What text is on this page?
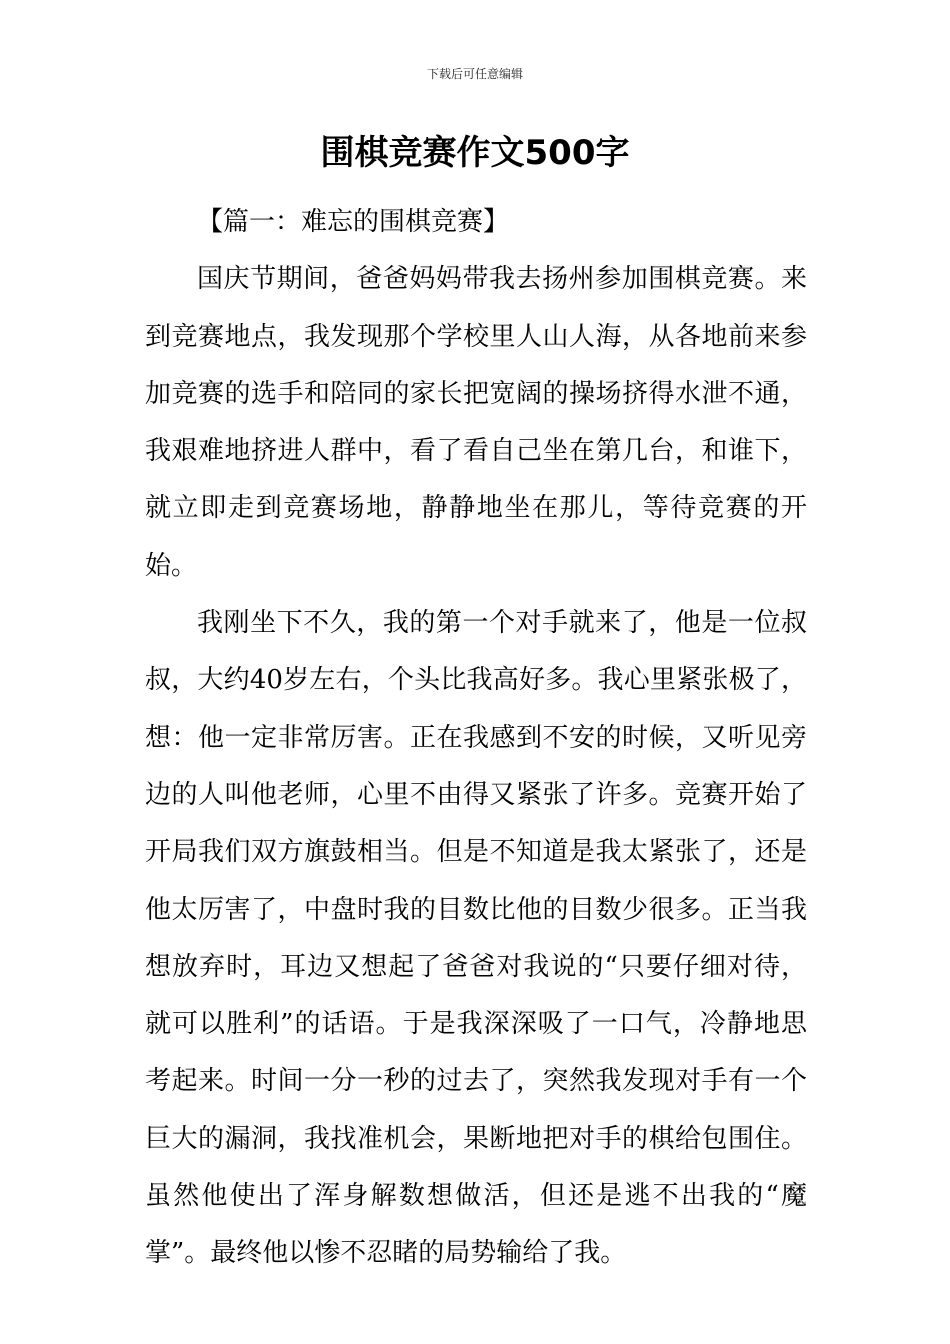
下载后可任意编辑
围棋竞赛作文500字
【篇一：难忘的围棋竞赛】

国庆节期间，爸爸妈妈带我去扬州参加围棋竞赛。来到竞赛地点，我发现那个学校里人山人海，从各地前来参加竞赛的选手和陪同的家长把宽阔的操场挤得水泄不通，我艰难地挤进人群中，看了看自己坐在第几台，和谁下，就立即走到竞赛场地，静静地坐在那儿，等待竞赛的开始。

我刚坐下不久，我的第一个对手就来了，他是一位叔叔，大约40岁左右，个头比我高好多。我心里紧张极了，想：他一定非常厉害。正在我感到不安的时候，又听见旁边的人叫他老师，心里不由得又紧张了许多。竞赛开始了开局我们双方旗鼓相当。但是不知道是我太紧张了，还是他太厉害了，中盘时我的目数比他的目数少很多。正当我想放弃时，耳边又想起了爸爸对我说的“只要仔细对待，就可以胜利”的话语。于是我深深吸了一口气，冷静地思考起来。时间一分一秒的过去了，突然我发现对手有一个巨大的漏洞，我找准机会，果断地把对手的棋给包围住。虽然他使出了浑身解数想做活，但还是逃不出我的“魔掌”。最终他以惨不忍睹的局势输给了我。
